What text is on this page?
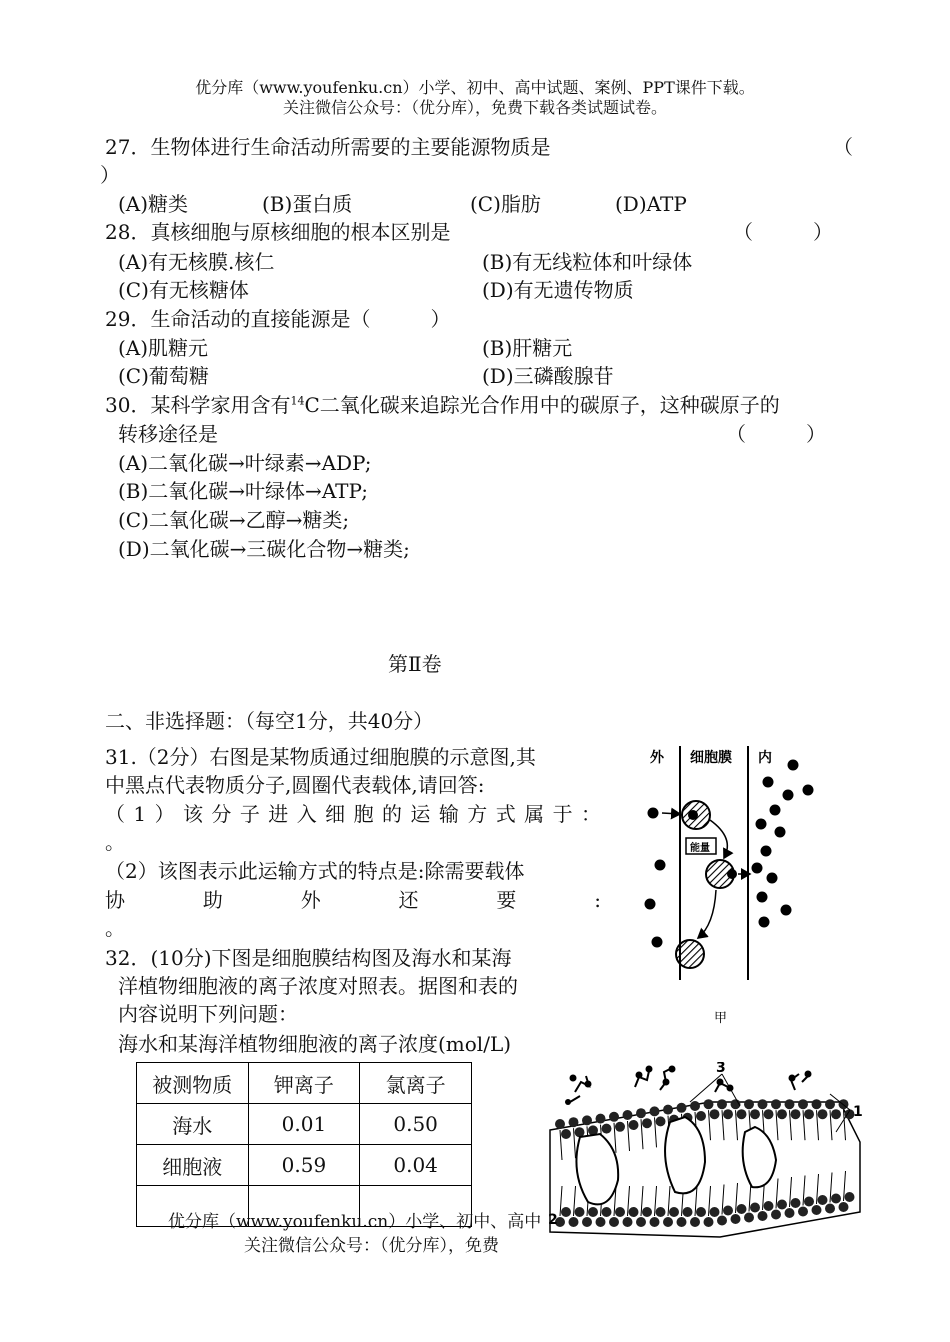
优分库（www.youfenku.cn）小学、初中、高中试题、案例、PPT课件下载。
关注微信公众号：（优分库），免费下载各类试题试卷。
27．生物体进行生命活动所需要的主要能源物质是	（
）
(A)糖类	(B)蛋白质	(C)脂肪	(D)ATP
28．真核细胞与原核细胞的根本区别是	（　　　）
(A)有无核膜.核仁	(B)有无线粒体和叶绿体
(C)有无核糖体	(D)有无遗传物质
29．生命活动的直接能源是（　　　）
(A)肌糖元	(B)肝糖元
(C)葡萄糖	(D)三磷酸腺苷
30．某科学家用含有$^{14}$C二氧化碳来追踪光合作用中的碳原子，这种碳原子的
转移途径是	（　　　）
(A)二氧化碳→叶绿素→ADP;
(B)二氧化碳→叶绿体→ATP;
(C)二氧化碳→乙醇→糖类;
(D)二氧化碳→三碳化合物→糖类;
第Ⅱ卷
二、非选择题：（每空1分，共40分）
31.（2分）右图是某物质通过细胞膜的示意图,其
中黑点代表物质分子,圆圈代表载体,请回答:
（1）该分子进入细胞的运输方式属于：
。
（2）该图表示此运输方式的特点是:除需要载体
协　　助　　外　　还　　要　　:
。
32．(10分)下图是细胞膜结构图及海水和某海
洋植物细胞液的离子浓度对照表。据图和表的
内容说明下列问题：
海水和某海洋植物细胞液的离子浓度(mol/L)
被测物质	钾离子	氯离子
海水	0.01	0.50
细胞液	0.59	0.04

外 细胞膜 内
能量
甲
3
1
2
优分库（www.youfenku.cn）小学、初中、高中
关注微信公众号：（优分库），免费
